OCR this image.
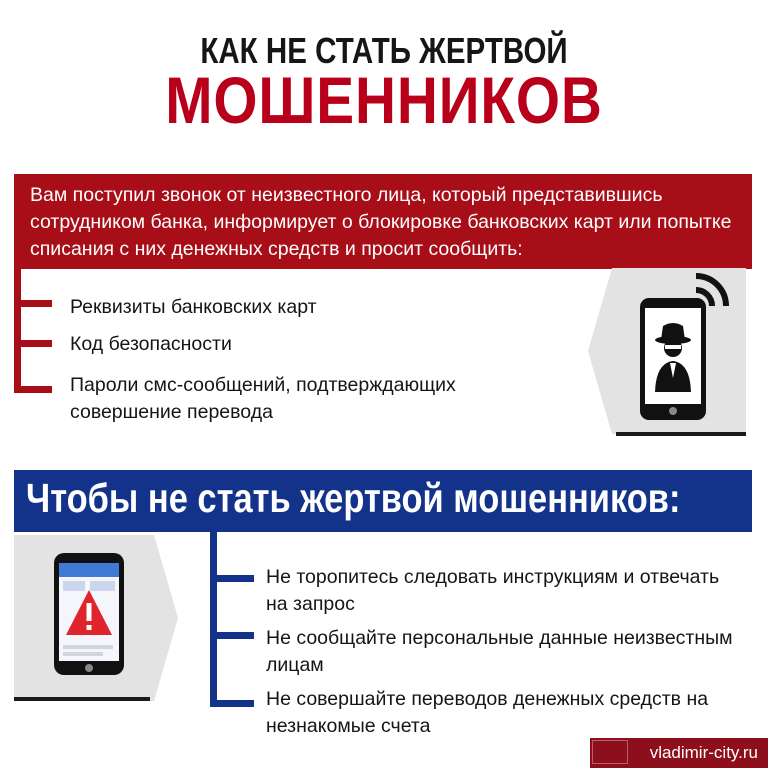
КАК НЕ СТАТЬ ЖЕРТВОЙ
МОШЕННИКОВ
Вам поступил звонок от неизвестного лица, который представившись сотрудником банка, информирует о блокировке банковских карт или попытке списания с них денежных средств и просит сообщить:
Реквизиты банковских карт
Код безопасности
Пароли смс-сообщений, подтверждающих совершение перевода
Чтобы не стать жертвой мошенников:
Не торопитесь следовать инструкциям и отвечать на запрос
Не сообщайте персональные данные неизвестным лицам
Не совершайте переводов денежных средств на незнакомые счета
vladimir-city.ru
